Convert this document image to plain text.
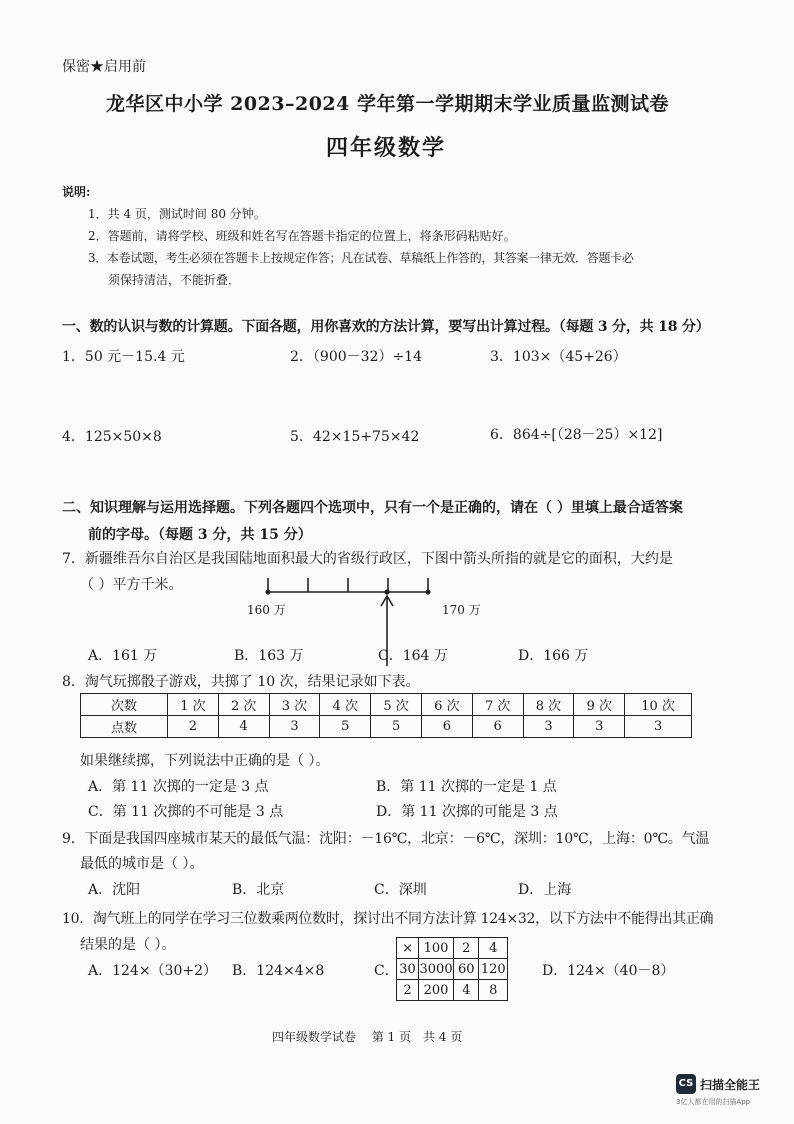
保密★启用前
龙华区中小学 2023–2024 学年第一学期期末学业质量监测试卷
四年级数学
说明:
1．共 4 页，测试时间 80 分钟。
2．答题前，请将学校、班级和姓名写在答题卡指定的位置上，将条形码粘贴好。
3．本卷试题，考生必须在答题卡上按规定作答；凡在试卷、草稿纸上作答的，其答案一律无效．答题卡必
须保持清洁，不能折叠．
一、数的认识与数的计算题。下面各题，用你喜欢的方法计算，要写出计算过程。（每题 3 分，共 18 分）
1．50 元－15.4 元	2．（900－32）÷14	3．103×（45+26）
4．125×50×8	5．42×15+75×42	6．864÷[（28－25）×12]
二、知识理解与运用选择题。下列各题四个选项中，只有一个是正确的，请在（ ）里填上最合适答案
前的字母。（每题 3 分，共 15 分）
7．新疆维吾尔自治区是我国陆地面积最大的省级行政区，下图中箭头所指的就是它的面积，大约是
（ ）平方千米。
160 万	170 万
A．161 万	B．163 万	C．164 万	D．166 万
8．淘气玩掷骰子游戏，共掷了 10 次，结果记录如下表。
次数	1 次	2 次	3 次	4 次	5 次	6 次	7 次	8 次	9 次	10 次
点数	2	4	3	5	5	6	6	3	3	3
如果继续掷，下列说法中正确的是（ ）。
A．第 11 次掷的一定是 3 点	B．第 11 次掷的一定是 1 点
C．第 11 次掷的不可能是 3 点	D．第 11 次掷的可能是 3 点
9．下面是我国四座城市某天的最低气温：沈阳：－16℃，北京：－6℃，深圳：10℃，上海：0℃。气温
最低的城市是（ ）。
A．沈阳	B．北京	C．深圳	D．上海
10．淘气班上的同学在学习三位数乘两位数时，探讨出不同方法计算 124×32，以下方法中不能得出其正确
结果的是（ ）。
A．124×（30+2） B．124×4×8	C．
×	100	2	4
30	3000	60	120
2	200	4	8
D．124×（40－8）
四年级数学试卷　 第 1 页　共 4 页
CS 扫描全能王
3亿人都在用的扫描App
